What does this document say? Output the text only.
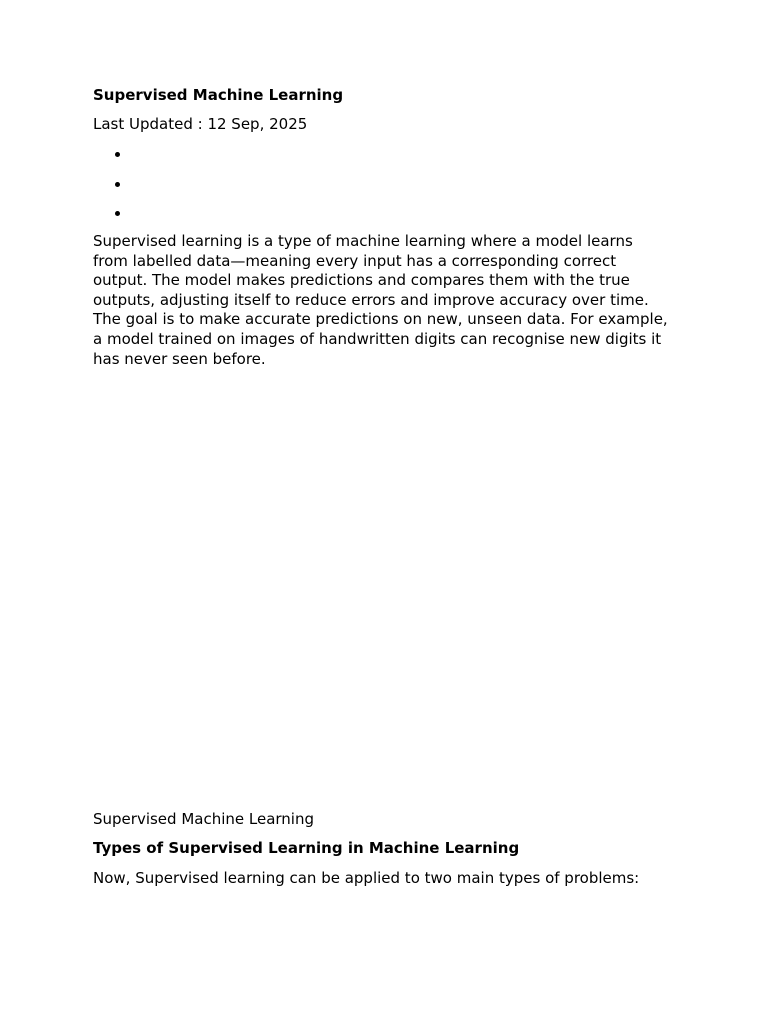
Supervised Machine Learning
Last Updated : 12 Sep, 2025

Supervised learning is a type of machine learning where a model learns from labelled data—meaning every input has a corresponding correct output. The model makes predictions and compares them with the true outputs, adjusting itself to reduce errors and improve accuracy over time. The goal is to make accurate predictions on new, unseen data. For example, a model trained on images of handwritten digits can recognise new digits it has never seen before.

Supervised Machine Learning
Types of Supervised Learning in Machine Learning

Now, Supervised learning can be applied to two main types of problems:
